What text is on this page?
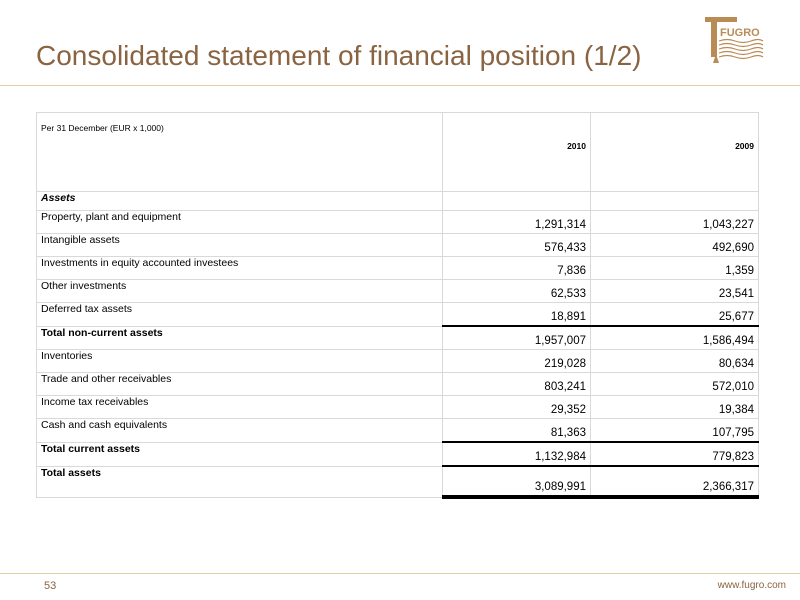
Consolidated statement of financial position (1/2)
FUGRO
Per 31 December (EUR x 1,000)	2010	2009
Assets		
Property, plant and equipment	1,291,314	1,043,227
Intangible assets	576,433	492,690
Investments in equity accounted investees	7,836	1,359
Other investments	62,533	23,541
Deferred tax assets	18,891	25,677
Total non-current assets	1,957,007	1,586,494
Inventories	219,028	80,634
Trade and other receivables	803,241	572,010
Income tax receivables	29,352	19,384
Cash and cash equivalents	81,363	107,795
Total current assets	1,132,984	779,823
Total assets	3,089,991	2,366,317
53	www.fugro.com
